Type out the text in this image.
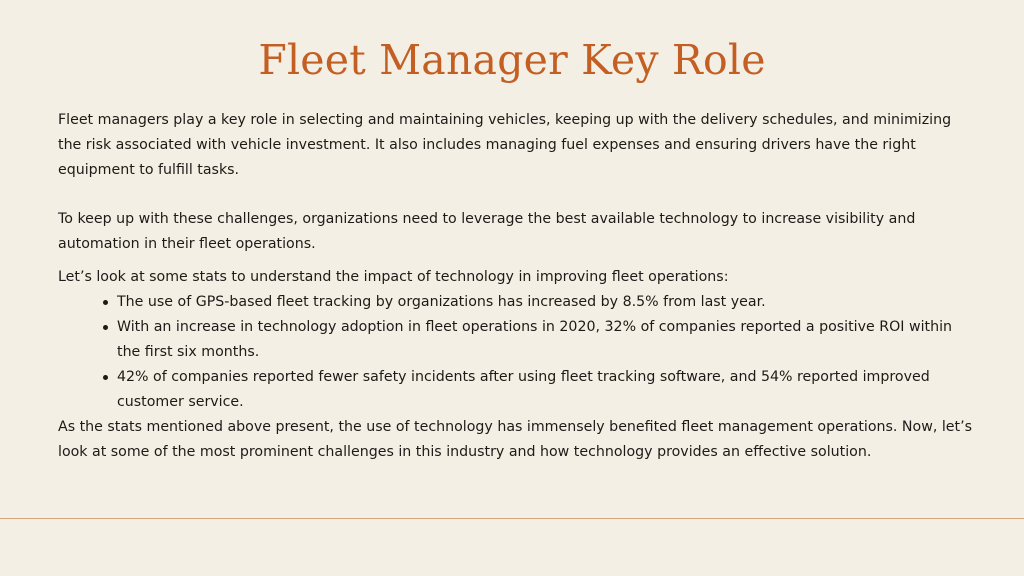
Fleet Manager Key Role

Fleet managers play a key role in selecting and maintaining vehicles, keeping up with the delivery schedules, and minimizing the risk associated with vehicle investment. It also includes managing fuel expenses and ensuring drivers have the right equipment to fulfill tasks.

To keep up with these challenges, organizations need to leverage the best available technology to increase visibility and automation in their fleet operations.

Let’s look at some stats to understand the impact of technology in improving fleet operations:

The use of GPS-based fleet tracking by organizations has increased by 8.5% from last year.
With an increase in technology adoption in fleet operations in 2020, 32% of companies reported a positive ROI within the first six months.
42% of companies reported fewer safety incidents after using fleet tracking software, and 54% reported improved customer service.

As the stats mentioned above present, the use of technology has immensely benefited fleet management operations. Now, let’s look at some of the most prominent challenges in this industry and how technology provides an effective solution.
